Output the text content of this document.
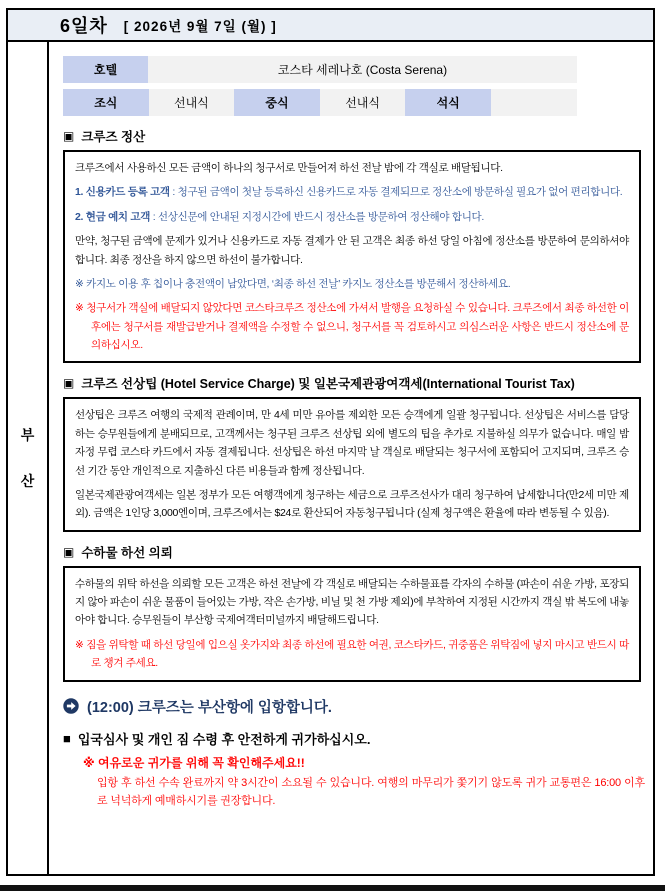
6일차 [ 2026년 9월 7일 (월) ]
부
산
호텔	코스타 세레나호 (Costa Serena)
조식	선내식	중식	선내식	석식
▣ 크루즈 정산

크루즈에서 사용하신 모든 금액이 하나의 청구서로 만들어져 하선 전날 밤에 각 객실로 배달됩니다.

1. 신용카드 등록 고객 : 청구된 금액이 첫날 등록하신 신용카드로 자동 결제되므로 정산소에 방문하실 필요가 없어 편리합니다.

2. 현금 예치 고객 : 선상신문에 안내된 지정시간에 반드시 정산소를 방문하여 정산해야 합니다.

만약, 청구된 금액에 문제가 있거나 신용카드로 자동 결제가 안 된 고객은 최종 하선 당일 아침에 정산소를 방문하여 문의하셔야 합니다. 최종 정산을 하지 않으면 하선이 불가합니다.

※ 카지노 이용 후 칩이나 충전액이 남았다면, ‘최종 하선 전날’ 카지노 정산소를 방문해서 정산하세요.

※ 청구서가 객실에 배달되지 않았다면 코스타크루즈 정산소에 가셔서 발행을 요청하실 수 있습니다. 크루즈에서 최종 하선한 이후에는 청구서를 재발급받거나 결제액을 수정할 수 없으니, 청구서를 꼭 검토하시고 의심스러운 사항은 반드시 정산소에 문의하십시오.

▣ 크루즈 선상팁 (Hotel Service Charge) 및 일본국제관광여객세(International Tourist Tax)

선상팁은 크루즈 여행의 국제적 관례이며, 만 4세 미만 유아를 제외한 모든 승객에게 일괄 청구됩니다. 선상팁은 서비스를 담당하는 승무원들에게 분배되므로, 고객께서는 청구된 크루즈 선상팁 외에 별도의 팁을 추가로 지불하실 의무가 없습니다. 매일 밤 자정 무렵 코스타 카드에서 자동 결제됩니다. 선상팁은 하선 마지막 날 객실로 배달되는 청구서에 포함되어 고지되며, 크루즈 승선 기간 동안 개인적으로 지출하신 다른 비용들과 함께 정산됩니다.

일본국제관광여객세는 일본 정부가 모든 여행객에게 청구하는 세금으로 크루즈선사가 대리 청구하여 납세합니다(만2세 미만 제외). 금액은 1인당 3,000엔이며, 크루즈에서는 $24로 환산되어 자동청구됩니다 (실제 청구액은 환율에 따라 변동될 수 있음).

▣ 수하물 하선 의뢰

수하물의 위탁 하선을 의뢰할 모든 고객은 하선 전날에 각 객실로 배달되는 수하물표를 각자의 수하물 (파손이 쉬운 가방, 포장되지 않아 파손이 쉬운 물품이 들어있는 가방, 작은 손가방, 비닐 및 천 가방 제외)에 부착하여 지정된 시간까지 객실 밖 복도에 내놓아야 합니다. 승무원들이 부산항 국제여객터미널까지 배달해드립니다.

※ 짐을 위탁할 때 하선 당일에 입으실 옷가지와 최종 하선에 필요한 여권, 코스타카드, 귀중품은 위탁짐에 넣지 마시고 반드시 따로 챙겨 주세요.

(12:00) 크루즈는 부산항에 입항합니다.
■ 입국심사 및 개인 짐 수령 후 안전하게 귀가하십시오.
※ 여유로운 귀가를 위해 꼭 확인해주세요!!
입항 후 하선 수속 완료까지 약 3시간이 소요될 수 있습니다. 여행의 마무리가 쫓기기 않도록 귀가 교통편은 16:00 이후로 넉넉하게 예매하시기를 권장합니다.
